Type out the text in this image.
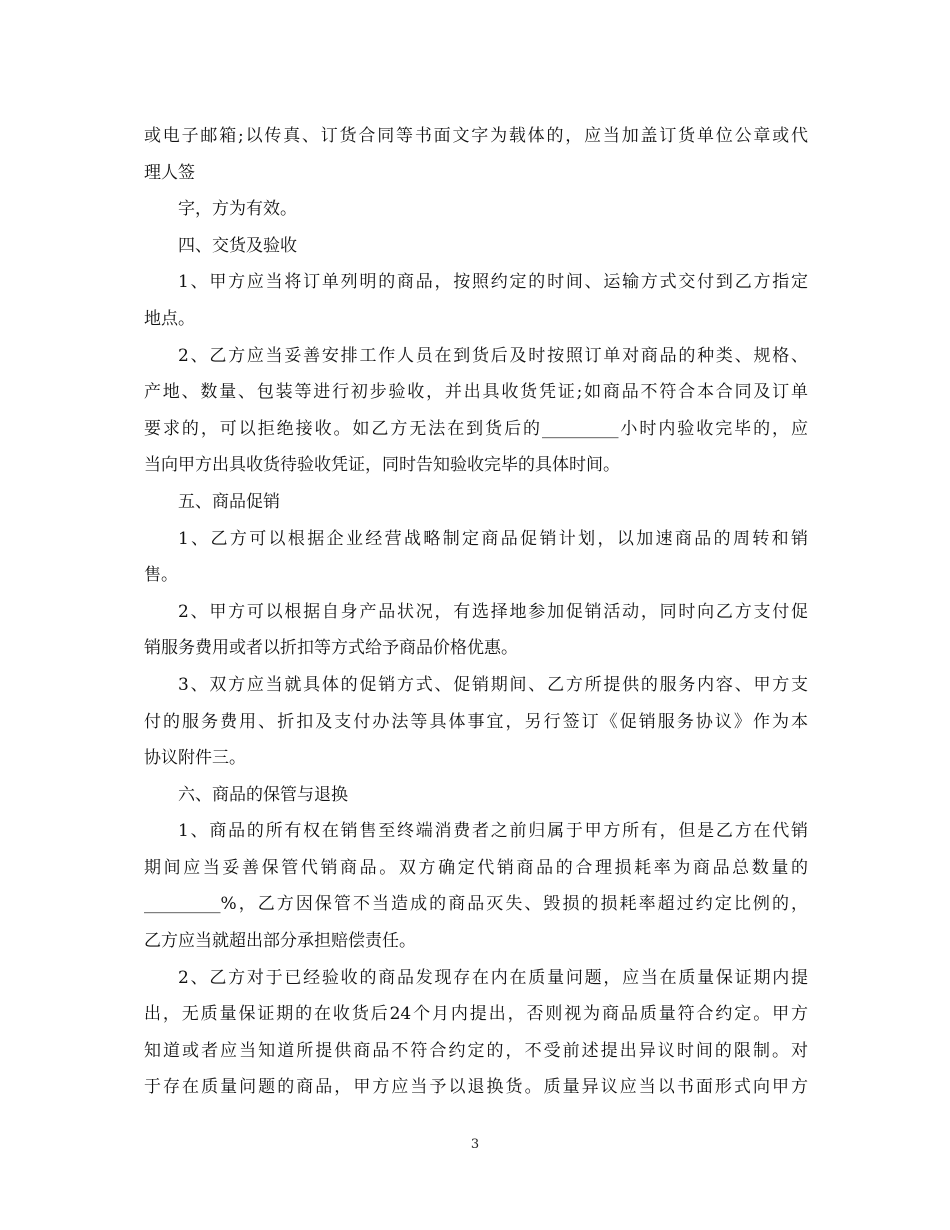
或电子邮箱;以传真、订货合同等书面文字为载体的，应当加盖订货单位公章或代

理人签

字，方为有效。

四、交货及验收

1、甲方应当将订单列明的商品，按照约定的时间、运输方式交付到乙方指定

地点。

2、乙方应当妥善安排工作人员在到货后及时按照订单对商品的种类、规格、

产地、数量、包装等进行初步验收，并出具收货凭证;如商品不符合本合同及订单

要求的，可以拒绝接收。如乙方无法在到货后的_________小时内验收完毕的，应

当向甲方出具收货待验收凭证，同时告知验收完毕的具体时间。

五、商品促销

1、乙方可以根据企业经营战略制定商品促销计划，以加速商品的周转和销

售。

2、甲方可以根据自身产品状况，有选择地参加促销活动，同时向乙方支付促

销服务费用或者以折扣等方式给予商品价格优惠。

3、双方应当就具体的促销方式、促销期间、乙方所提供的服务内容、甲方支

付的服务费用、折扣及支付办法等具体事宜，另行签订《促销服务协议》作为本

协议附件三。

六、商品的保管与退换

1、商品的所有权在销售至终端消费者之前归属于甲方所有，但是乙方在代销

期间应当妥善保管代销商品。双方确定代销商品的合理损耗率为商品总数量的

_________%，乙方因保管不当造成的商品灭失、毁损的损耗率超过约定比例的，

乙方应当就超出部分承担赔偿责任。

2、乙方对于已经验收的商品发现存在内在质量问题，应当在质量保证期内提

出，无质量保证期的在收货后24个月内提出，否则视为商品质量符合约定。甲方

知道或者应当知道所提供商品不符合约定的，不受前述提出异议时间的限制。对

于存在质量问题的商品，甲方应当予以退换货。质量异议应当以书面形式向甲方

3
